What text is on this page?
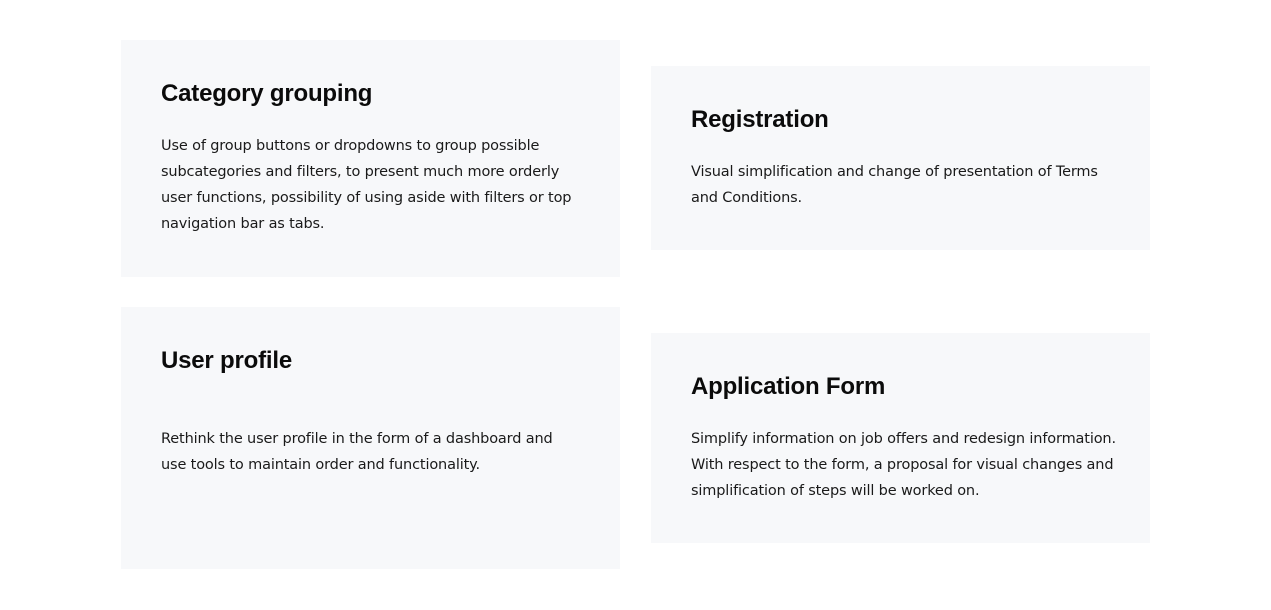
Category grouping

Use of group buttons or dropdowns to group possible subcategories and filters, to present much more orderly user functions, possibility of using aside with filters or top navigation bar as tabs.

Registration

Visual simplification and change of presentation of Terms and Conditions.

User profile

Rethink the user profile in the form of a dashboard and use tools to maintain order and functionality.

Application Form

Simplify information on job offers and redesign information. With respect to the form, a proposal for visual changes and simplification of steps will be worked on.
